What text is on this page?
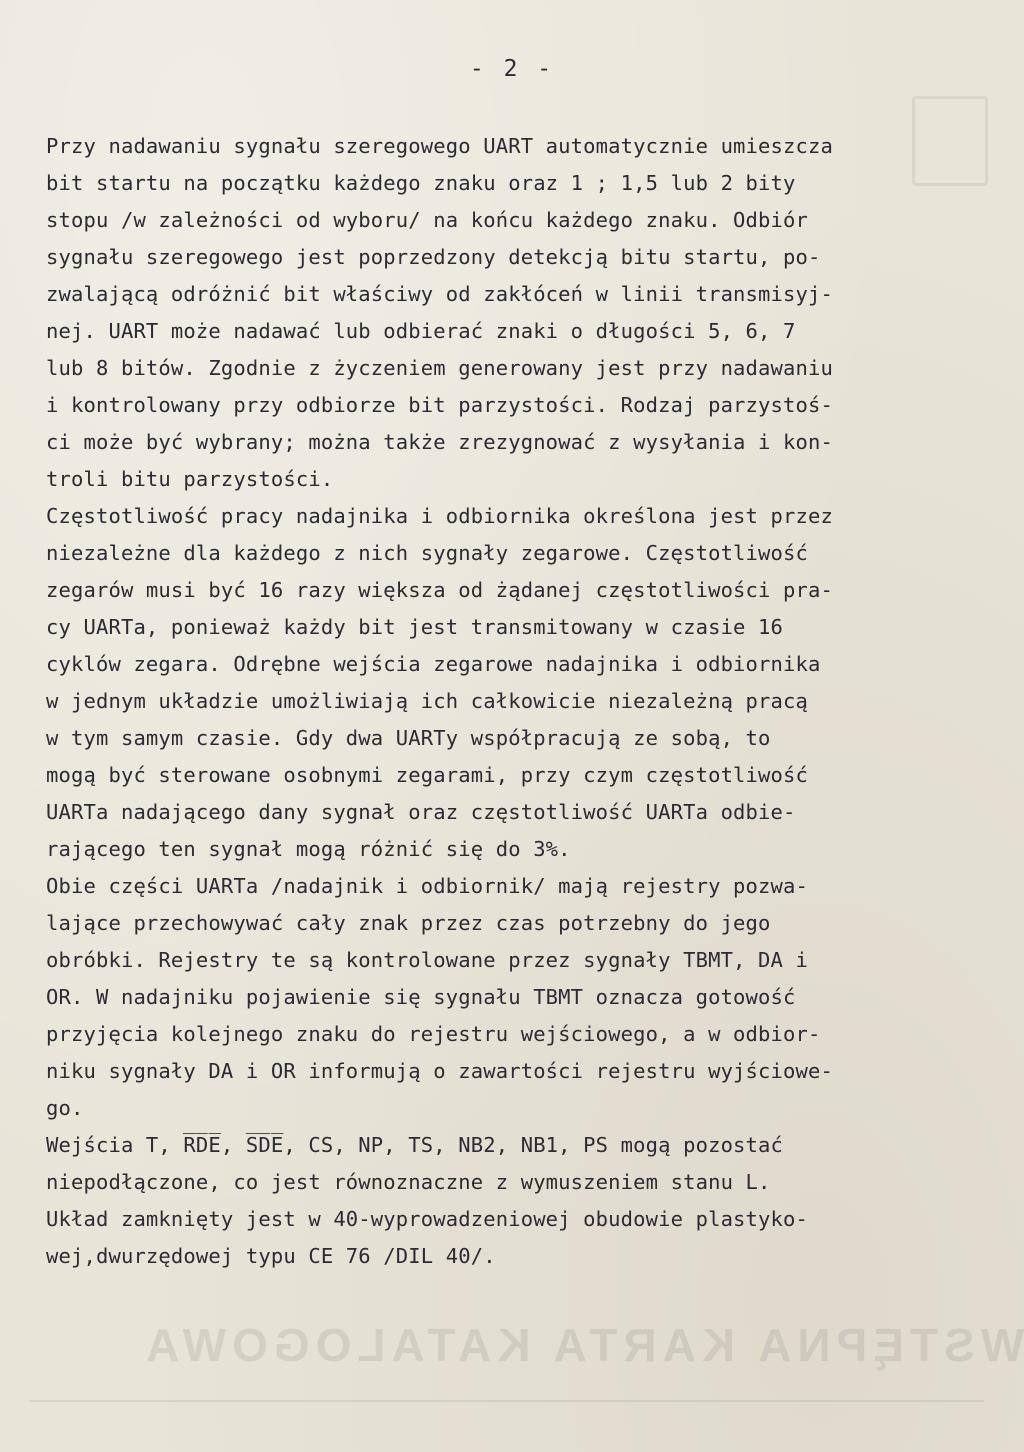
WSTĘPNA KARTA KATALOGOWA
- 2 -
Przy nadawaniu sygnału szeregowego UART automatycznie umieszcza
bit startu na początku każdego znaku oraz 1 ; 1,5 lub 2 bity
stopu /w zależności od wyboru/ na końcu każdego znaku. Odbiór
sygnału szeregowego jest poprzedzony detekcją bitu startu, po-
zwalającą odróżnić bit właściwy od zakłóceń w linii transmisyj-
nej. UART może nadawać lub odbierać znaki o długości 5, 6, 7
lub 8 bitów. Zgodnie z życzeniem generowany jest przy nadawaniu
i kontrolowany przy odbiorze bit parzystości. Rodzaj parzystoś-
ci może być wybrany; można także zrezygnować z wysyłania i kon-
troli bitu parzystości.
Częstotliwość pracy nadajnika i odbiornika określona jest przez
niezależne dla każdego z nich sygnały zegarowe. Częstotliwość
zegarów musi być 16 razy większa od żądanej częstotliwości pra-
cy UARTa, ponieważ każdy bit jest transmitowany w czasie 16
cyklów zegara. Odrębne wejścia zegarowe nadajnika i odbiornika
w jednym układzie umożliwiają ich całkowicie niezależną pracą
w tym samym czasie. Gdy dwa UARTy współpracują ze sobą, to
mogą być sterowane osobnymi zegarami, przy czym częstotliwość
UARTa nadającego dany sygnał oraz częstotliwość UARTa odbie-
rającego ten sygnał mogą różnić się do 3%.
Obie części UARTa /nadajnik i odbiornik/ mają rejestry pozwa-
lające przechowywać cały znak przez czas potrzebny do jego
obróbki. Rejestry te są kontrolowane przez sygnały TBMT, DA i
OR. W nadajniku pojawienie się sygnału TBMT oznacza gotowość
przyjęcia kolejnego znaku do rejestru wejściowego, a w odbior-
niku sygnały DA i OR informują o zawartości rejestru wyjściowe-
go.
Wejścia T, R̅D̅E̅, S̅D̅E̅, CS, NP, TS, NB2, NB1, PS mogą pozostać
niepodłączone, co jest równoznaczne z wymuszeniem stanu L.
Układ zamknięty jest w 40-wyprowadzeniowej obudowie plastyko-
wej,dwurzędowej typu CE 76 /DIL 40/.
